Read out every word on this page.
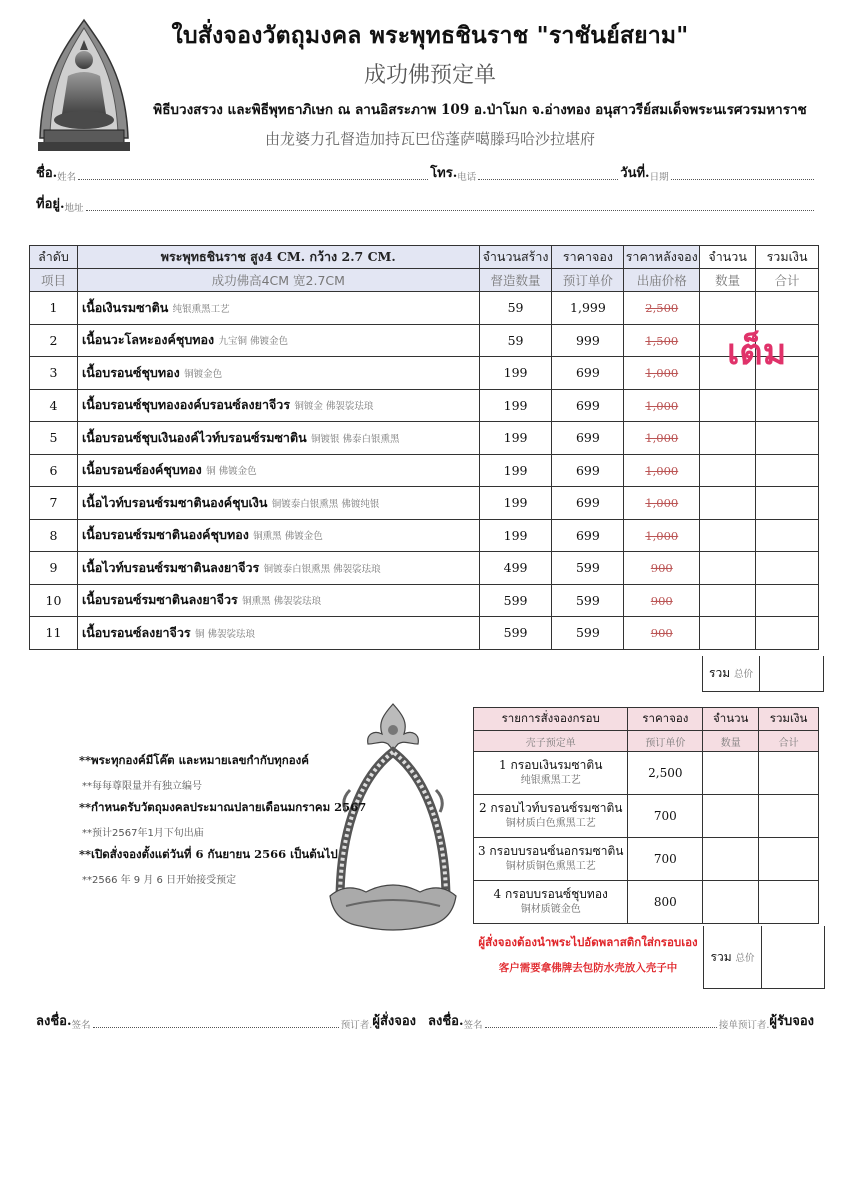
ใบสั่งจองวัตถุมงคล พระพุทธชินราช "ราชันย์สยาม"
成功佛预定单
พิธีบวงสรวง และพิธีพุทธาภิเษก ณ ลานอิสระภาพ 109 อ.ป่าโมก จ.อ่างทอง อนุสาวรีย์สมเด็จพระนเรศวรมหาราช
由龙婆力孔督造加持瓦巴岱蓬萨噶滕玛哈沙拉堪府
ชื่อ. 姓名	โทร. 电话	วันที่. 日期
ที่อยู่. 地址
ลำดับ	พระพุทธชินราช สูง4 CM. กว้าง 2.7 CM.	จำนวนสร้าง	ราคาจอง	ราคาหลังจอง	จำนวน	รวมเงิน
项目	成功佛高4CM 宽2.7CM	督造数量	预订单价	出庙价格	数量	合计
1	เนื้อเงินรมซาติน 纯银熏黑工艺	59	1,999	2,500		
2	เนื้อนวะโลหะองค์ชุบทอง 九宝铜 佛镀金色	59	999	1,500		
3	เนื้อบรอนซ์ชุบทอง 铜镀金色	199	699	1,000		
4	เนื้อบรอนซ์ชุบทององค์บรอนซ์ลงยาจีวร 铜镀金 佛袈裟珐琅	199	699	1,000		
5	เนื้อบรอนซ์ชุบเงินองค์ไวท์บรอนซ์รมซาติน 铜镀银 佛泰白银熏黑	199	699	1,000		
6	เนื้อบรอนซ์องค์ชุบทอง 铜 佛镀金色	199	699	1,000		
7	เนื้อไวท์บรอนซ์รมซาตินองค์ชุบเงิน 铜镀泰白银熏黑 佛镀纯银	199	699	1,000		
8	เนื้อบรอนซ์รมซาตินองค์ชุบทอง 铜熏黑 佛镀金色	199	699	1,000		
9	เนื้อไวท์บรอนซ์รมซาตินลงยาจีวร 铜镀泰白银熏黑 佛袈裟珐琅	499	599	900		
10	เนื้อบรอนซ์รมซาตินลงยาจีวร 铜熏黑 佛袈裟珐琅	599	599	900		
11	เนื้อบรอนซ์ลงยาจีวร 铜 佛袈裟珐琅	599	599	900		
รวม 总价	
เต็ม
**พระทุกองค์มีโค๊ต และหมายเลขกำกับทุกองค์
**每每尊限量并有独立编号
**กำหนดรับวัตถุมงคลประมาณปลายเดือนมกราคม 2567
**预计2567年1月下旬出庙
**เปิดสั่งจองตั้งแต่วันที่ 6 กันยายน 2566 เป็นต้นไป
**2566 年 9 月 6 日开始接受预定
รายการสั่งจองกรอบ	ราคาจอง	จำนวน	รวมเงิน
壳子预定单	预订单价	数量	合计

1 กรอบเงินรมซาติน
纯银熏黑工艺	2,500		

2 กรอบไวท์บรอนซ์รมซาติน
铜材质白色熏黑工艺	700		

3 กรอบบรอนซ์นอกรมซาติน
铜材质铜色熏黑工艺	700		

4 กรอบบรอนซ์ชุบทอง
铜材质镀金色	800		
ผู้สั่งจองต้องนำพระไปอัดพลาสติกใส่กรอบเอง
客户需要拿佛牌去包防水壳放入壳子中
รวม 总价	
ลงชื่อ. 签名	预订者. ผู้สั่งจอง ลงชื่อ. 签名	接单预订者. ผู้รับจอง
